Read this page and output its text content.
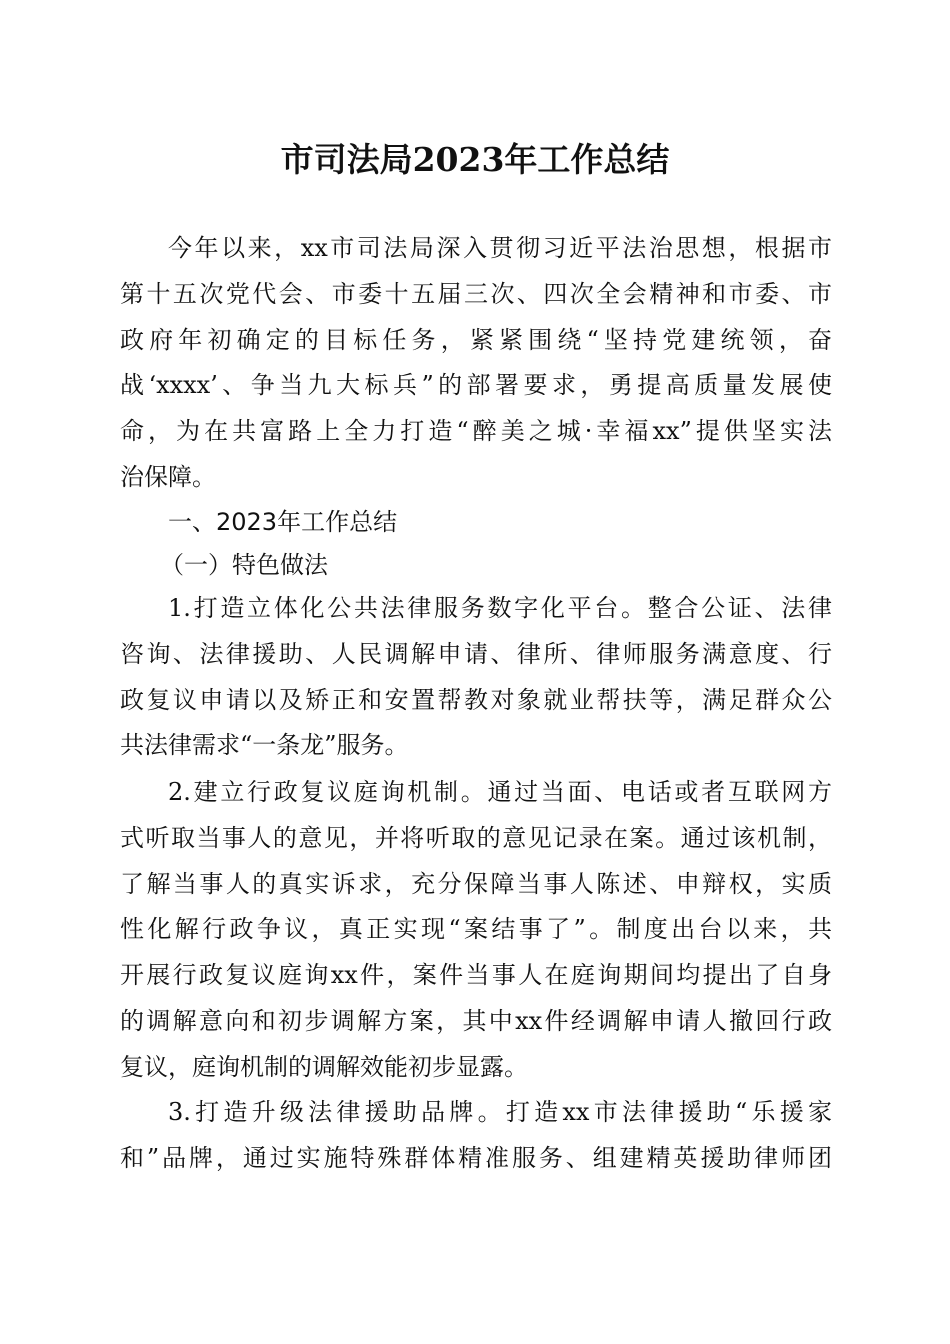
市司法局2023年工作总结
今年以来，xx市司法局深入贯彻习近平法治思想，根据市
第十五次党代会、市委十五届三次、四次全会精神和市委、市
政府年初确定的目标任务，紧紧围绕“坚持党建统领，奋
战‘xxxx’、争当九大标兵”的部署要求，勇提高质量发展使
命，为在共富路上全力打造“醉美之城·幸福xx”提供坚实法
治保障。
一、2023年工作总结
（一）特色做法
1.打造立体化公共法律服务数字化平台。整合公证、法律
咨询、法律援助、人民调解申请、律所、律师服务满意度、行
政复议申请以及矫正和安置帮教对象就业帮扶等，满足群众公
共法律需求“一条龙”服务。
2.建立行政复议庭询机制。通过当面、电话或者互联网方
式听取当事人的意见，并将听取的意见记录在案。通过该机制，
了解当事人的真实诉求，充分保障当事人陈述、申辩权，实质
性化解行政争议，真正实现“案结事了”。制度出台以来，共
开展行政复议庭询xx件，案件当事人在庭询期间均提出了自身
的调解意向和初步调解方案，其中xx件经调解申请人撤回行政
复议，庭询机制的调解效能初步显露。
3.打造升级法律援助品牌。打造xx市法律援助“乐援家
和”品牌，通过实施特殊群体精准服务、组建精英援助律师团
